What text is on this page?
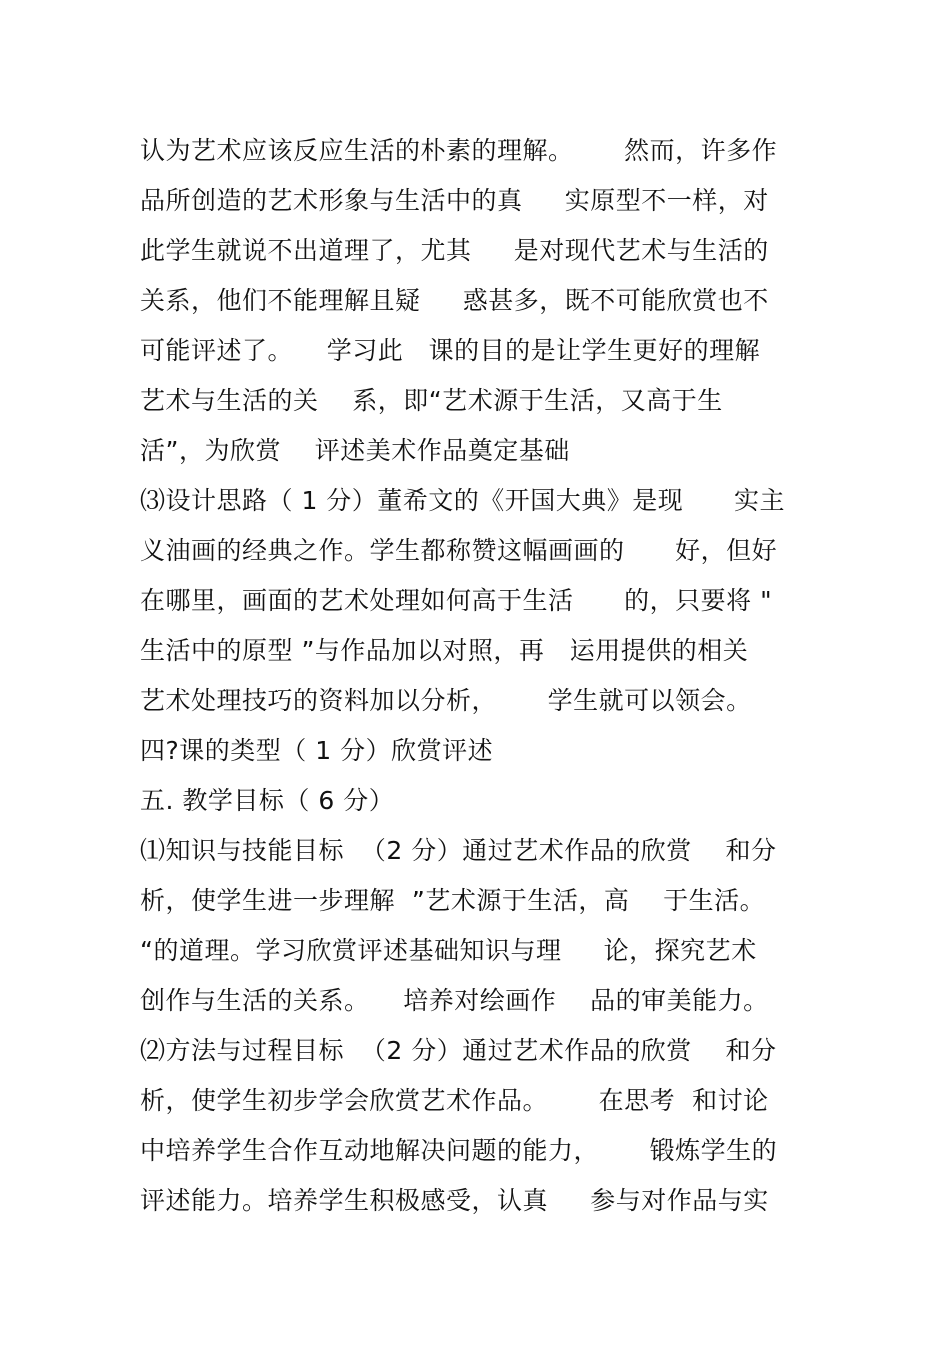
认为艺术应该反应生活的朴素的理解。      然而，许多作
品所创造的艺术形象与生活中的真     实原型不一样，对
此学生就说不出道理了，尤其     是对现代艺术与生活的
关系，他们不能理解且疑     惑甚多，既不可能欣赏也不
可能评述了。    学习此   课的目的是让学生更好的理解
艺术与生活的关    系，即“艺术源于生活，又高于生
活”，为欣赏    评述美术作品奠定基础
⑶设计思路（ 1 分）董希文的《开国大典》是现      实主
义油画的经典之作。学生都称赞这幅画画的      好，但好
在哪里，画面的艺术处理如何高于生活      的，只要将 "
生活中的原型 ”与作品加以对照，再   运用提供的相关
艺术处理技巧的资料加以分析，      学生就可以领会。
四?课的类型（ 1 分）欣赏评述
五. 教学目标（ 6 分）
⑴知识与技能目标  （2 分）通过艺术作品的欣赏    和分
析，使学生进一步理解  ”艺术源于生活，高    于生活。
“的道理。学习欣赏评述基础知识与理     论，探究艺术
创作与生活的关系。    培养对绘画作    品的审美能力。
⑵方法与过程目标  （2 分）通过艺术作品的欣赏    和分
析，使学生初步学会欣赏艺术作品。      在思考  和讨论
中培养学生合作互动地解决问题的能力，      锻炼学生的
评述能力。培养学生积极感受，认真     参与对作品与实
